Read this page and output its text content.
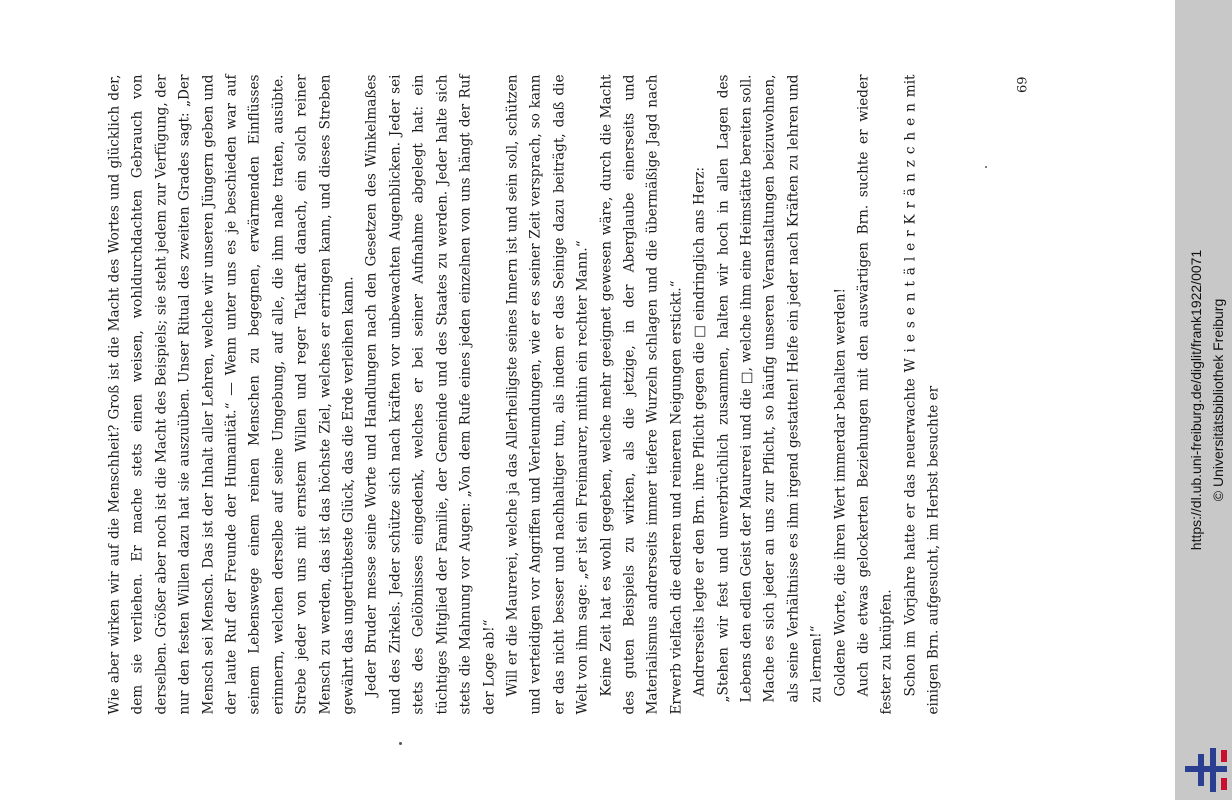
Wie aber wirken wir auf die Menschheit? Groß ist die Macht des Wortes und glücklich der, dem sie verliehen. Er mache stets einen weisen, wohldurchdachten Gebrauch von derselben. Größer aber noch ist die Macht des Beispiels; sie steht jedem zur Verfügung, der nur den festen Willen dazu hat sie auszuüben. Unser Ritual des zweiten Grades sagt: „Der Mensch sei Mensch. Das ist der Inhalt aller Lehren, welche wir unseren Jüngern geben und der laute Ruf der Freunde der Humanität.“ — Wenn unter uns es je beschieden war auf seinem Lebenswege einem reinen Menschen zu begegnen, erwärmenden Einflüsses erinnern, welchen derselbe auf seine Umgebung, auf alle, die ihm nahe traten, ausübte. Strebe jeder von uns mit ernstem Willen und reger Tatkraft danach, ein solch reiner Mensch zu werden, das ist das höchste Ziel, welches er erringen kann, und dieses Streben gewährt das ungetrübteste Glück, das die Erde verleihen kann. Jeder Bruder messe seine Worte und Handlungen nach den Gesetzen des Winkelmaßes und des Zirkels. Jeder schütze sich nach kräften vor unbewachten Augenblicken. Jeder sei stets des Gelöbnisses eingedenk, welches er bei seiner Aufnahme abgelegt hat: ein tüchtiges Mitglied der Familie, der Gemeinde und des Staates zu werden. Jeder halte sich stets die Mahnung vor Augen: „Von dem Rufe eines jeden einzelnen von uns hängt der Ruf der Loge ab!“ Will er die Maurerei, welche ja das Allerheiligste seines Innern ist und sein soll, schützen und verteidigen vor Angriffen und Verleumdungen, wie er es seiner Zeit versprach, so kann er das nicht besser und nachhaltiger tun, als indem er das Seinige dazu beiträgt, daß die Welt von ihm sage: „er ist ein Freimaurer, mithin ein rechter Mann.“ Keine Zeit hat es wohl gegeben, welche mehr geeignet gewesen wäre, durch die Macht des guten Beispiels zu wirken, als die jetzige, in der Aberglaube einerseits und Materialismus andrerseits immer tiefere Wurzeln schlagen und die übermäßige Jagd nach Erwerb vielfach die edleren und reineren Neigungen erstickt.“ Andrerseits legte er den Brn. ihre Pflicht gegen die □ eindringlich ans Herz: „Stehen wir fest und unverbrüchlich zusammen, halten wir hoch in allen Lagen des Lebens den edlen Geist der Maurerei und die □, welche ihm eine Heimstätte bereiten soll. Mache es sich jeder an uns zur Pflicht, so häufig unseren Veranstaltungen beizuwohnen, als seine Verhältnisse es ihm irgend gestatten! Helfe ein jeder nach Kräften zu lehren und zu lernen!“ Goldene Worte, die ihren Wert immerdar behalten werden! Auch die etwas gelockerten Beziehungen mit den auswärtigen Brn. suchte er wieder fester zu knüpfen. Schon im Vorjahre hatte er das neuerwachte W i e s e n t ä l e r K r ä n z c h e n mit einigen Brn. aufgesucht, im Herbst besuchte er

69
https://dl.ub.uni-freiburg.de/diglit/frank1922/0071 © Universitätsbibliothek Freiburg
